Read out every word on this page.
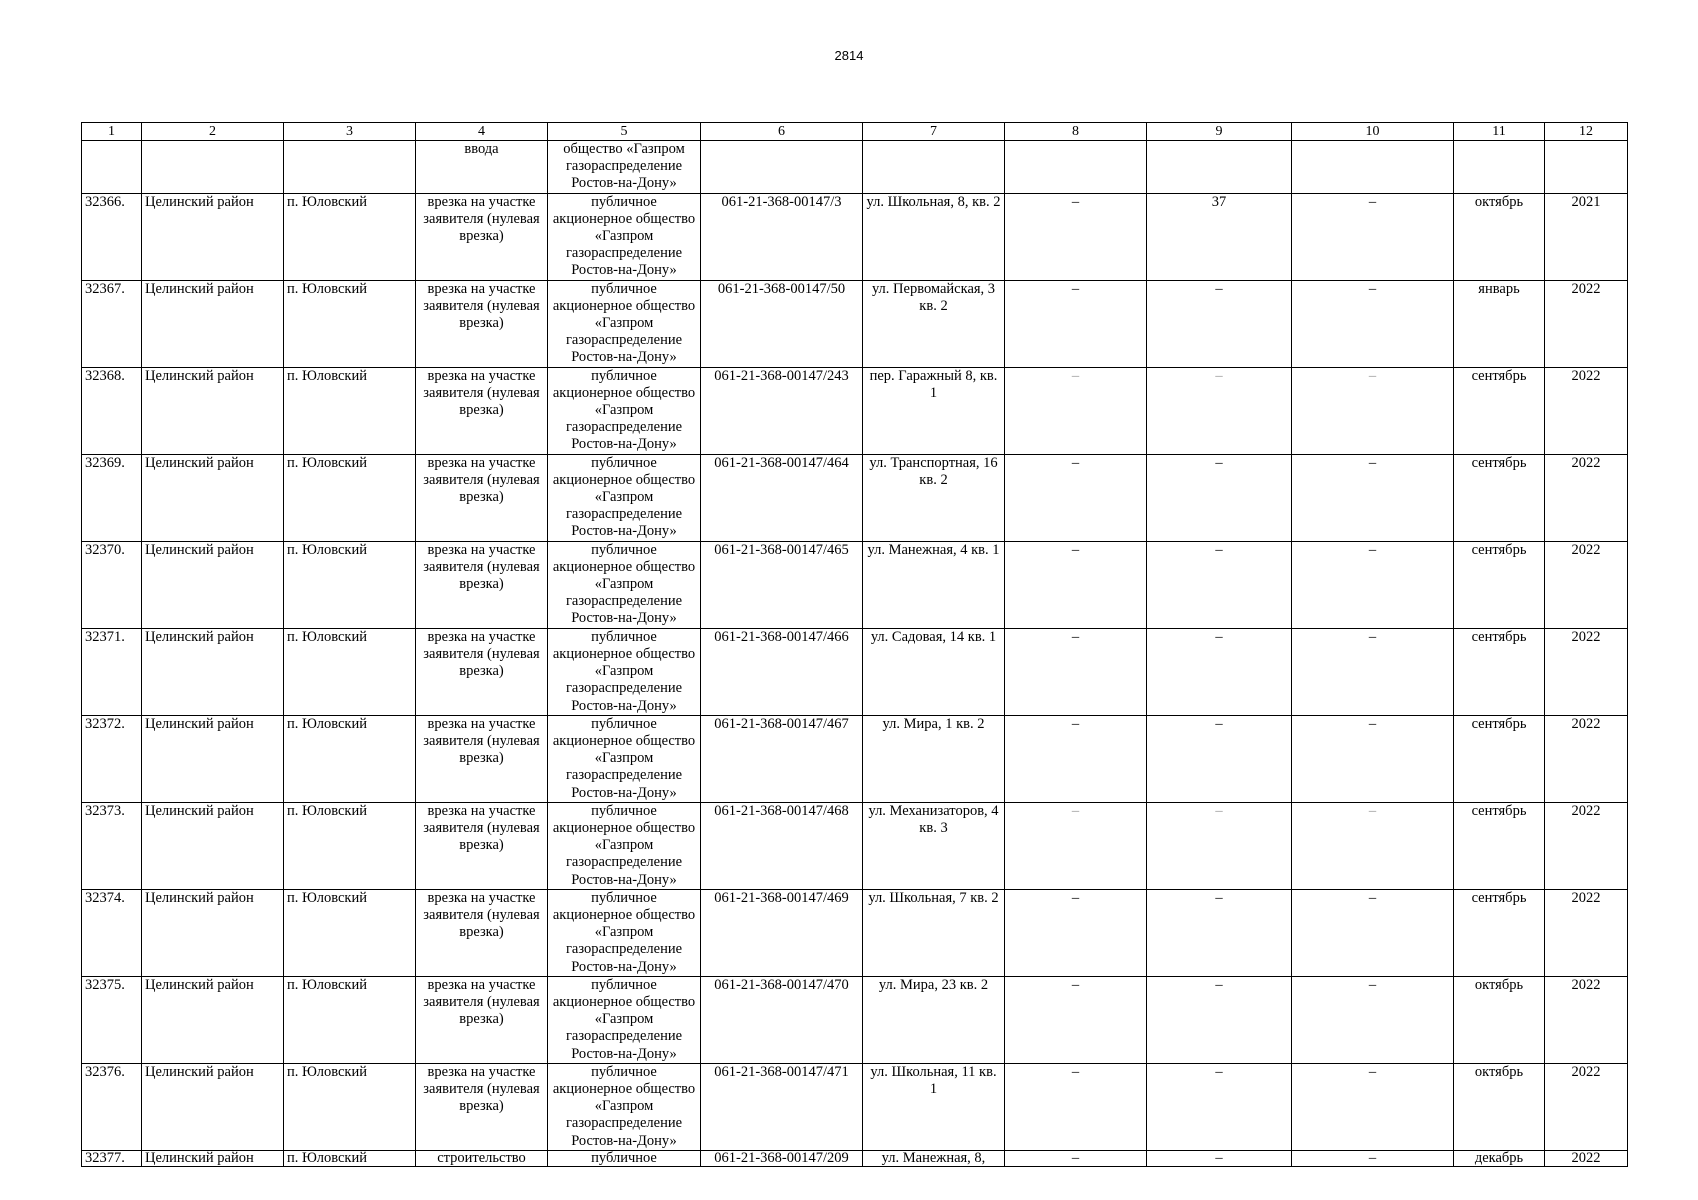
2814
1	2	3	4	5	6	7	8	9	10	11	12
			ввода	общество «Газпром газораспределение Ростов-на-Дону»							
32366.	Целинский район	п. Юловский	врезка на участке заявителя (нулевая врезка)	публичное акционерное общество «Газпром газораспределение Ростов-на-Дону»	061-21-368-00147/3	ул. Школьная, 8, кв. 2	–	37	–	октябрь	2021
32367.	Целинский район	п. Юловский	врезка на участке заявителя (нулевая врезка)	публичное акционерное общество «Газпром газораспределение Ростов-на-Дону»	061-21-368-00147/50	ул. Первомайская, 3 кв. 2	–	–	–	январь	2022
32368.	Целинский район	п. Юловский	врезка на участке заявителя (нулевая врезка)	публичное акционерное общество «Газпром газораспределение Ростов-на-Дону»	061-21-368-00147/243	пер. Гаражный 8, кв. 1	–	–	–	сентябрь	2022
32369.	Целинский район	п. Юловский	врезка на участке заявителя (нулевая врезка)	публичное акционерное общество «Газпром газораспределение Ростов-на-Дону»	061-21-368-00147/464	ул. Транспортная, 16 кв. 2	–	–	–	сентябрь	2022
32370.	Целинский район	п. Юловский	врезка на участке заявителя (нулевая врезка)	публичное акционерное общество «Газпром газораспределение Ростов-на-Дону»	061-21-368-00147/465	ул. Манежная, 4 кв. 1	–	–	–	сентябрь	2022
32371.	Целинский район	п. Юловский	врезка на участке заявителя (нулевая врезка)	публичное акционерное общество «Газпром газораспределение Ростов-на-Дону»	061-21-368-00147/466	ул. Садовая, 14 кв. 1	–	–	–	сентябрь	2022
32372.	Целинский район	п. Юловский	врезка на участке заявителя (нулевая врезка)	публичное акционерное общество «Газпром газораспределение Ростов-на-Дону»	061-21-368-00147/467	ул. Мира, 1 кв. 2	–	–	–	сентябрь	2022
32373.	Целинский район	п. Юловский	врезка на участке заявителя (нулевая врезка)	публичное акционерное общество «Газпром газораспределение Ростов-на-Дону»	061-21-368-00147/468	ул. Механизаторов, 4 кв. 3	–	–	–	сентябрь	2022
32374.	Целинский район	п. Юловский	врезка на участке заявителя (нулевая врезка)	публичное акционерное общество «Газпром газораспределение Ростов-на-Дону»	061-21-368-00147/469	ул. Школьная, 7 кв. 2	–	–	–	сентябрь	2022
32375.	Целинский район	п. Юловский	врезка на участке заявителя (нулевая врезка)	публичное акционерное общество «Газпром газораспределение Ростов-на-Дону»	061-21-368-00147/470	ул. Мира, 23 кв. 2	–	–	–	октябрь	2022
32376.	Целинский район	п. Юловский	врезка на участке заявителя (нулевая врезка)	публичное акционерное общество «Газпром газораспределение Ростов-на-Дону»	061-21-368-00147/471	ул. Школьная, 11 кв. 1	–	–	–	октябрь	2022

32377.	Целинский район	п. Юловский	строительство	публичное	061-21-368-00147/209	ул. Манежная, 8,	–	–	–	декабрь	2022
